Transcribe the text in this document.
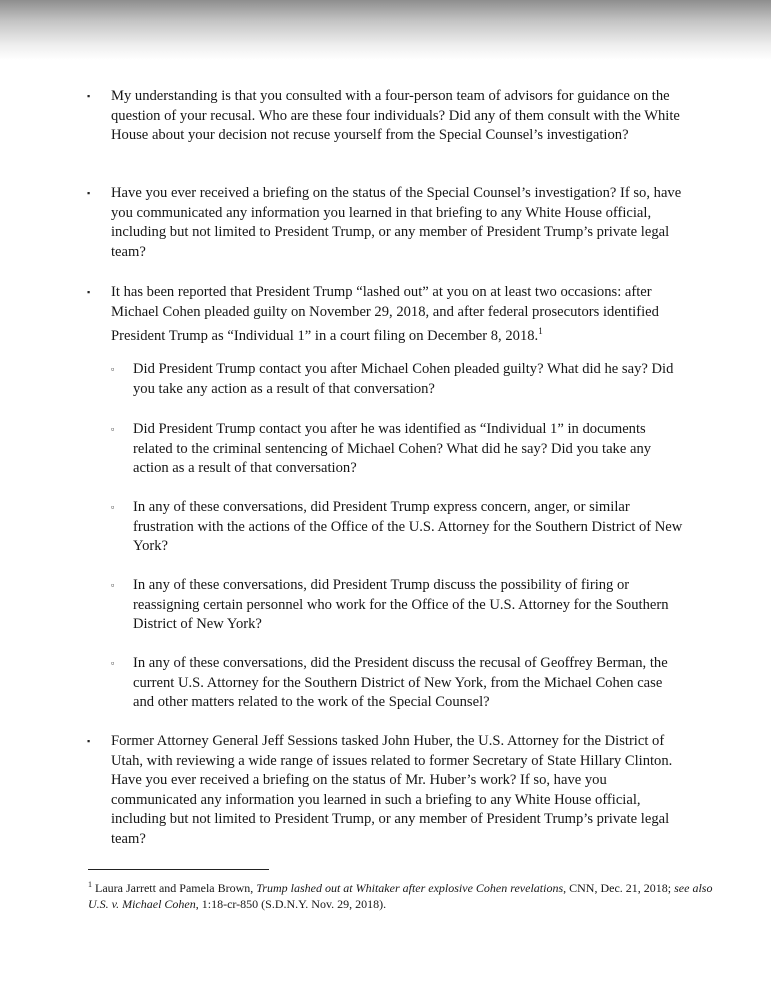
▪ My understanding is that you consulted with a four-person team of advisors for guidance on the question of your recusal. Who are these four individuals? Did any of them consult with the White House about your decision not recuse yourself from the Special Counsel’s investigation?
▪ Have you ever received a briefing on the status of the Special Counsel’s investigation? If so, have you communicated any information you learned in that briefing to any White House official, including but not limited to President Trump, or any member of President Trump’s private legal team?
▪ It has been reported that President Trump “lashed out” at you on at least two occasions: after Michael Cohen pleaded guilty on November 29, 2018, and after federal prosecutors identified President Trump as “Individual 1” in a court filing on December 8, 2018.$^1$
▫ Did President Trump contact you after Michael Cohen pleaded guilty? What did he say? Did you take any action as a result of that conversation?
▫ Did President Trump contact you after he was identified as “Individual 1” in documents related to the criminal sentencing of Michael Cohen? What did he say? Did you take any action as a result of that conversation?
▫ In any of these conversations, did President Trump express concern, anger, or similar frustration with the actions of the Office of the U.S. Attorney for the Southern District of New York?
▫ In any of these conversations, did President Trump discuss the possibility of firing or reassigning certain personnel who work for the Office of the U.S. Attorney for the Southern District of New York?
▫ In any of these conversations, did the President discuss the recusal of Geoffrey Berman, the current U.S. Attorney for the Southern District of New York, from the Michael Cohen case and other matters related to the work of the Special Counsel?
▪ Former Attorney General Jeff Sessions tasked John Huber, the U.S. Attorney for the District of Utah, with reviewing a wide range of issues related to former Secretary of State Hillary Clinton. Have you ever received a briefing on the status of Mr. Huber’s work? If so, have you communicated any information you learned in such a briefing to any White House official, including but not limited to President Trump, or any member of President Trump’s private legal team?
$^1$ Laura Jarrett and Pamela Brown, Trump lashed out at Whitaker after explosive Cohen revelations, CNN, Dec. 21, 2018; see also U.S. v. Michael Cohen, 1:18-cr-850 (S.D.N.Y. Nov. 29, 2018).
